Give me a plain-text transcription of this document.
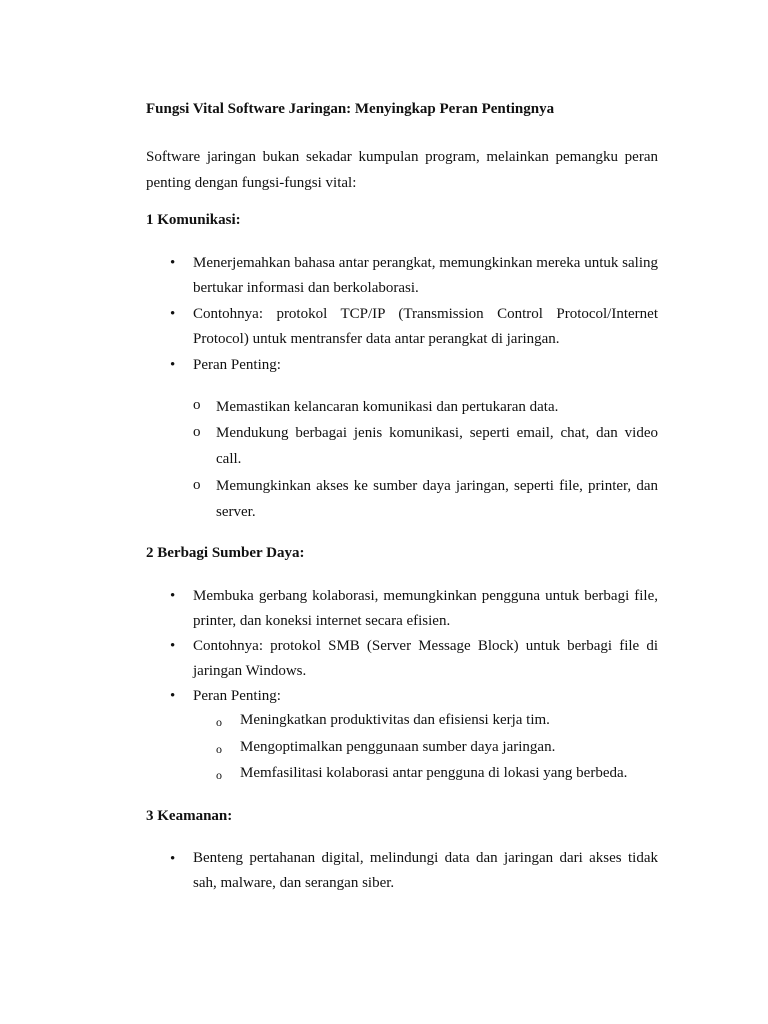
Fungsi Vital Software Jaringan: Menyingkap Peran Pentingnya
Software jaringan bukan sekadar kumpulan program, melainkan pemangku peran penting dengan fungsi-fungsi vital:
1 Komunikasi:
• Menerjemahkan bahasa antar perangkat, memungkinkan mereka untuk saling bertukar informasi dan berkolaborasi.
• Contohnya: protokol TCP/IP (Transmission Control Protocol/Internet Protocol) untuk mentransfer data antar perangkat di jaringan.
• Peran Penting:
o Memastikan kelancaran komunikasi dan pertukaran data.
o Mendukung berbagai jenis komunikasi, seperti email, chat, dan video call.
o Memungkinkan akses ke sumber daya jaringan, seperti file, printer, dan server.
2 Berbagi Sumber Daya:
• Membuka gerbang kolaborasi, memungkinkan pengguna untuk berbagi file, printer, dan koneksi internet secara efisien.
• Contohnya: protokol SMB (Server Message Block) untuk berbagi file di jaringan Windows.
• Peran Penting:
o Meningkatkan produktivitas dan efisiensi kerja tim.
o Mengoptimalkan penggunaan sumber daya jaringan.
o Memfasilitasi kolaborasi antar pengguna di lokasi yang berbeda.
3 Keamanan:
• Benteng pertahanan digital, melindungi data dan jaringan dari akses tidak sah, malware, dan serangan siber.
